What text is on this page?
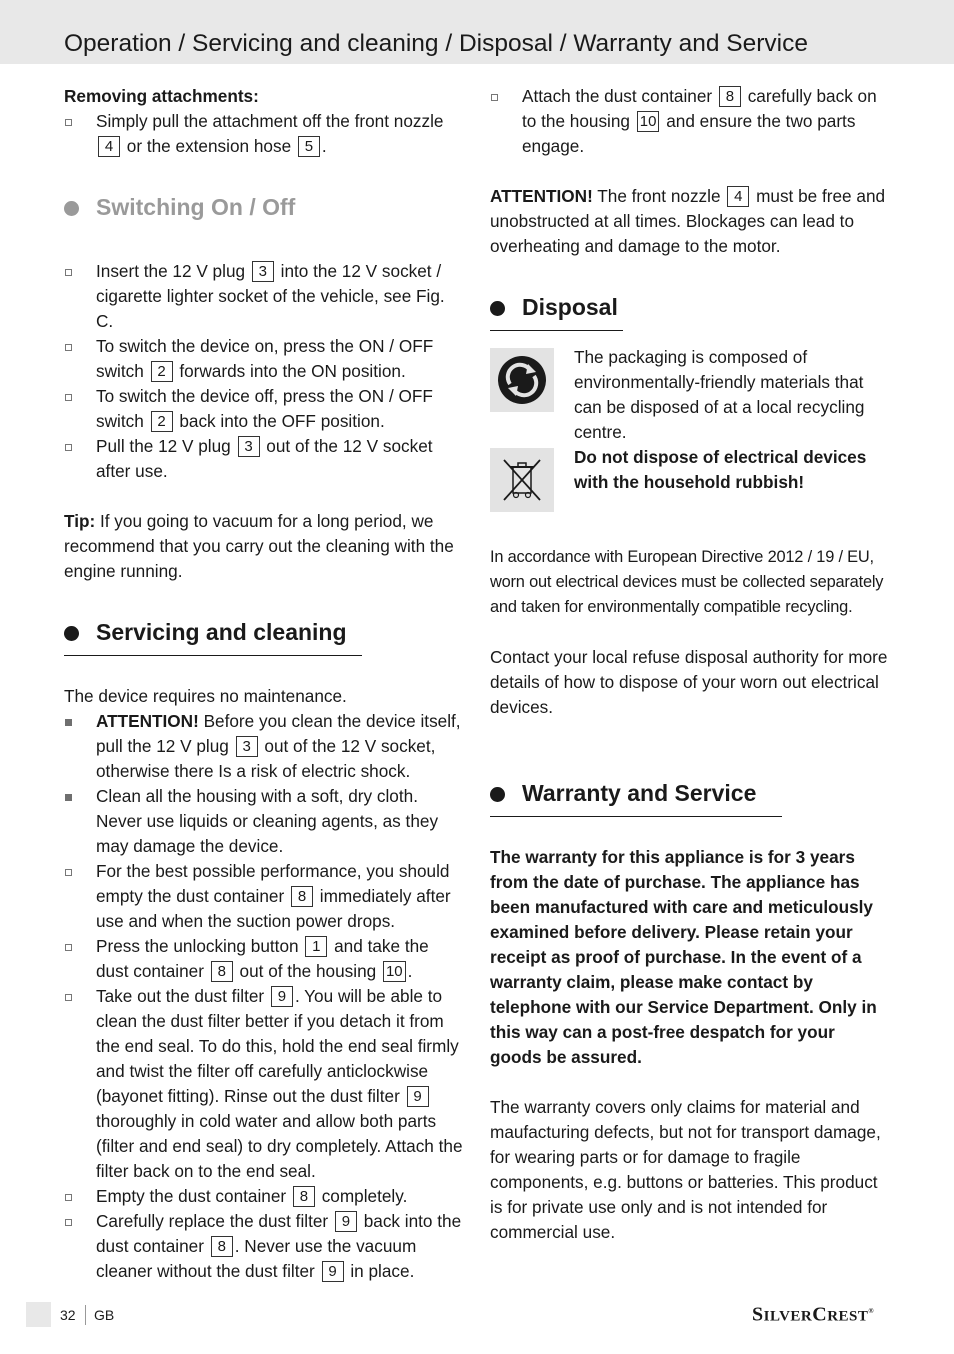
Operation / Servicing and cleaning / Disposal / Warranty and Service

Removing attachments:

Simply pull the attachment off the front nozzle 4 or the extension hose 5 .
Switching On / Off
Insert the 12 V plug 3 into the 12 V socket / cigarette lighter socket of the vehicle, see Fig. C.
To switch the device on, press the ON / OFF switch 2 forwards into the ON position.
To switch the device off, press the ON / OFF switch 2 back into the OFF position.
Pull the 12 V plug 3 out of the 12 V socket after use.

Tip: If you going to vacuum for a long period, we recommend that you carry out the cleaning with the engine running.

Servicing and cleaning

The device requires no maintenance.

ATTENTION! Before you clean the device itself, pull the 12 V plug 3 out of the 12 V socket, otherwise there Is a risk of electric shock.
Clean all the housing with a soft, dry cloth. Never use liquids or cleaning agents, as they may damage the device.
For the best possible performance, you should empty the dust container 8 immediately after use and when the suction power drops.
Press the unlocking button 1 and take the dust container 8 out of the housing 10 .
Take out the dust filter 9 . You will be able to clean the dust filter better if you detach it from the end seal. To do this, hold the end seal firmly and twist the filter off carefully anticlockwise (bayonet fitting). Rinse out the dust filter 9 thoroughly in cold water and allow both parts (filter and end seal) to dry completely. Attach the filter back on to the end seal.
Empty the dust container 8 completely.
Carefully replace the dust filter 9 back into the dust container 8 . Never use the vacuum cleaner without the dust filter 9 in place.
Attach the dust container 8 carefully back on to the housing 10 and ensure the two parts engage.

ATTENTION! The front nozzle 4 must be free and unobstructed at all times. Blockages can lead to overheating and damage to the motor.

Disposal

The packaging is composed of environmentally-friendly materials that can be disposed of at a local recycling centre.

Do not dispose of electrical devices with the household rubbish!

In accordance with European Directive 2012 / 19 / EU, worn out electrical devices must be collected separately and taken for environmentally compatible recycling.

Contact your local refuse disposal authority for more details of how to dispose of your worn out electrical devices.

Warranty and Service

The warranty for this appliance is for 3 years from the date of purchase. The appliance has been manufactured with care and meticulously examined before delivery. Please retain your receipt as proof of purchase. In the event of a warranty claim, please make contact by telephone with our Service Department. Only in this way can a post-free despatch for your goods be assured.

The warranty covers only claims for material and maufacturing defects, but not for transport damage, for wearing parts or for damage to fragile components, e.g. buttons or batteries. This product is for private use only and is not intended for commercial use.

32 GB	SILVERCREST®
